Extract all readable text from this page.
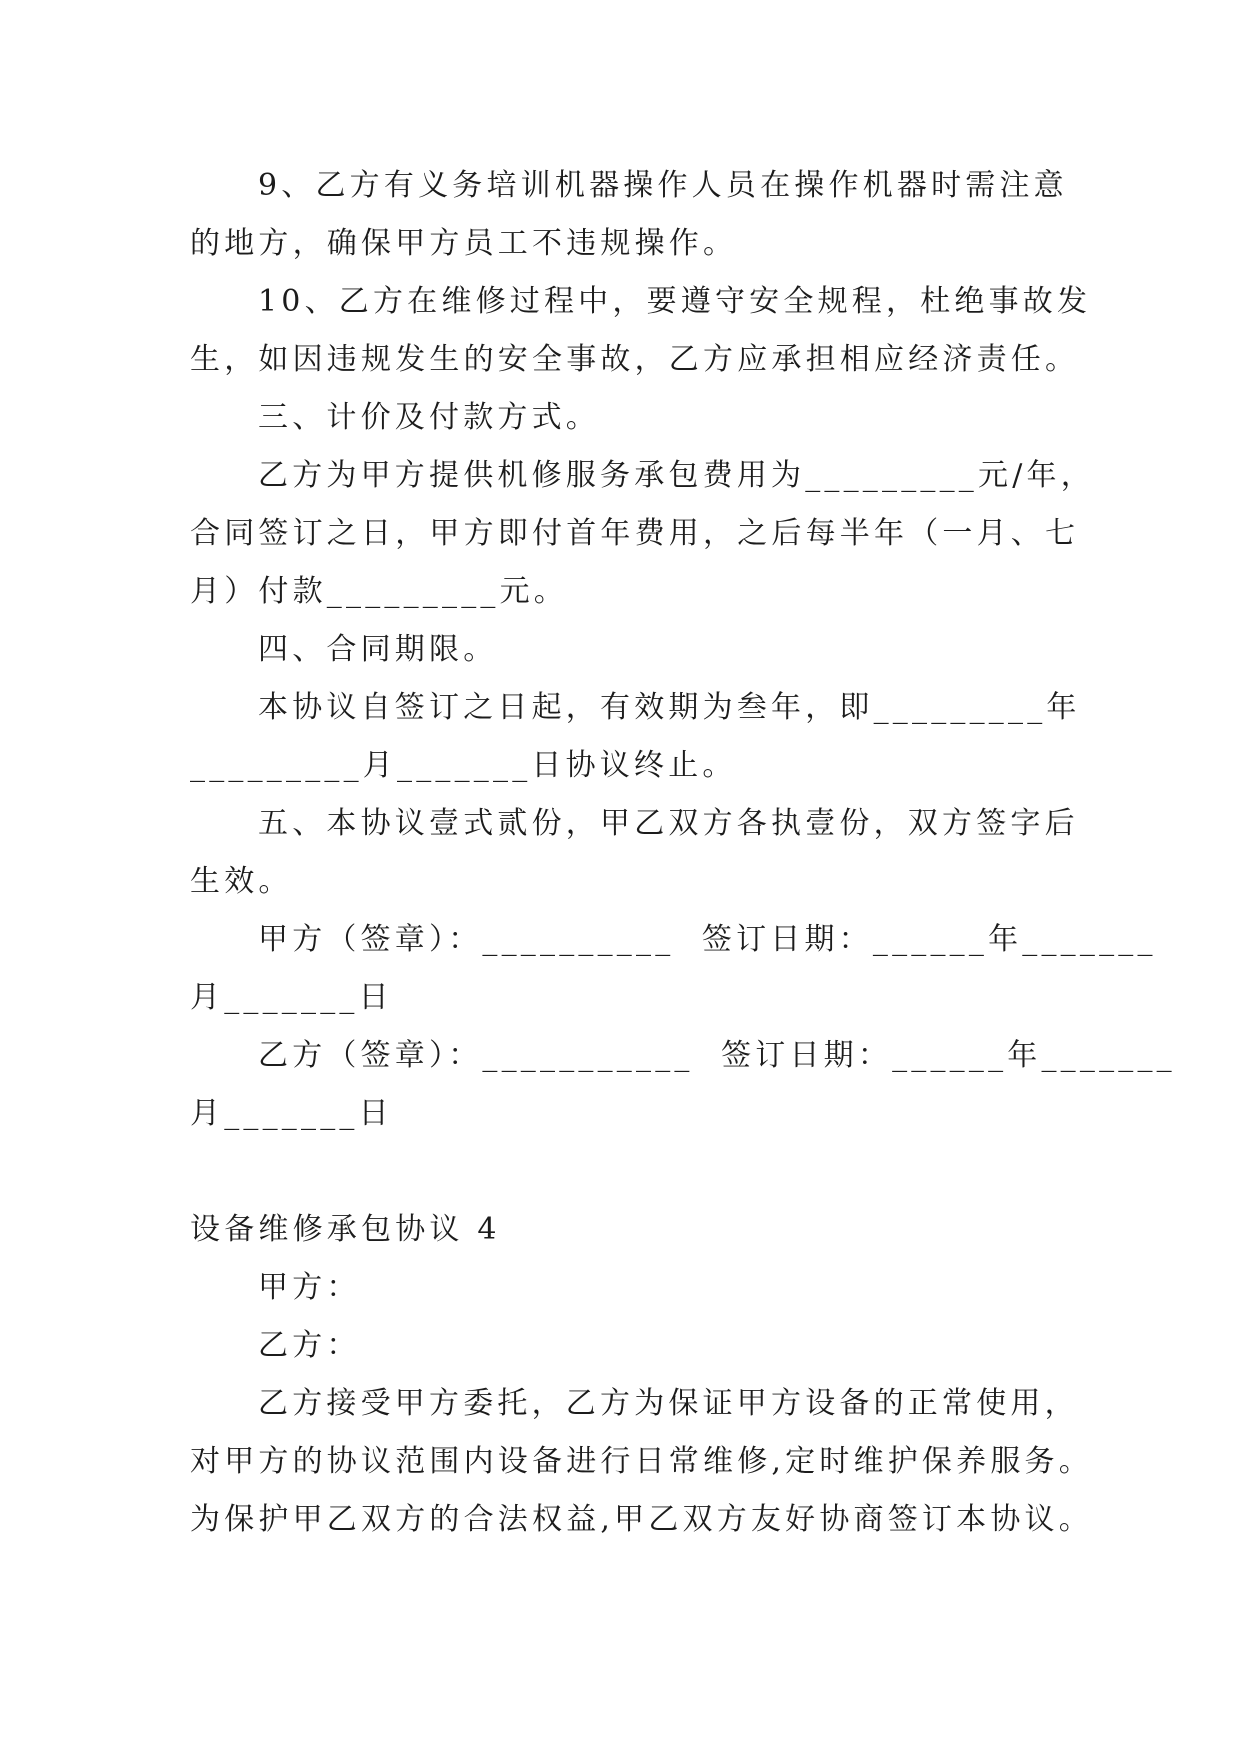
9、乙方有义务培训机器操作人员在操作机器时需注意

的地方，确保甲方员工不违规操作。

10、乙方在维修过程中，要遵守安全规程，杜绝事故发

生，如因违规发生的安全事故，乙方应承担相应经济责任。

三、计价及付款方式。

乙方为甲方提供机修服务承包费用为_________元/年，

合同签订之日，甲方即付首年费用，之后每半年（一月、七

月）付款_________元。

四、合同期限。

本协议自签订之日起，有效期为叁年，即_________年

_________月_______日协议终止。

五、本协议壹式贰份，甲乙双方各执壹份，双方签字后

生效。

甲方（签章）：__________  签订日期：______年_______

月_______日

乙方（签章）：___________  签订日期：______年_______

月_______日

设备维修承包协议 4

甲方：

乙方：

乙方接受甲方委托，乙方为保证甲方设备的正常使用，

对甲方的协议范围内设备进行日常维修,定时维护保养服务。

为保护甲乙双方的合法权益,甲乙双方友好协商签订本协议。
